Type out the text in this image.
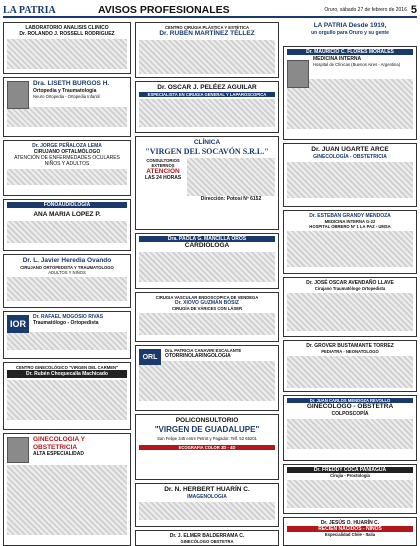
LA PATRIA	AVISOS PROFESIONALES	Oruro, sábado 27 de febrero de 2016 5
LABORATORIO ANALISIS CLINICO
Dr. ROLANDO J. ROSSELL RODRIGUEZ
Dra. LISETH BURGOS H.
Ortopedia y Traumatología
Neuro Ortopedia - Ortopedia Infantil
Dr. JORGE PEÑALOZA LEMA
CIRUJANO OFTALMÓLOGO
ATENCIÓN DE ENFERMEDADES OCULARES NIÑOS Y ADULTOS
FONOAUDIOLOGIA
ANA MARIA LOPEZ P.
Dr. L. Javier Heredia Ovando
CIRUJANO ORTOPEDISTA Y TRAUMATOLOGO
ADULTOS Y NIÑOS
IOR
Dr. RAFAEL MOGOSIO RIVAS
Traumatólogo - Ortopedista
CENTRO GINECOLÓGICO "VIRGEN DEL CARMEN"
Dr. Rubén Choquecalla Machicado
GINECOLOGIA Y OBSTETRICIA
ALTA ESPECIALIDAD
CENTRO CIRUGIA PLÁSTICA Y ESTÉTICA
Dr. RUBÉN MARTÍNEZ TÉLLEZ
Dr. OSCAR J. PELÉEZ AGUILAR
ESPECIALISTA EN CIRUGIA GENERAL Y LAPAROSCOPICA
CLÍNICA
"VIRGEN DEL SOCAVÓN S.R.L."
CONSULTORIOS EXTERNOS
ATENCIÓN
LAS 24 HORAS
Dirección: Potosí Nº 6152
Dra. PAOLA G. MANCILLA OROS
CARDIOLOGA
CIRUGIA VASCULAR ENDOSCOPICA DE VENDEGA
Dr. XIOVO GUZMÁN BÓSIZ
CIRUGÍA DE VÁRICES CON LÁSER
ORL
Dra. PATRICIA CANAVIRI ESCALANTE
OTORRINOLARINGOLOGIA
POLICONSULTORIO
"VIRGEN DE GUADALUPE"
San Felipe 345 entre Petrot y Pagador. Telf. 52 65201
ECOGRAFIA COLOR 3D - 4D
Dr. N. HERBERT HUARÍN C.
IMAGENOLOGIA
Dr. J. ELMER BALDERRAMA C.
GINECÓLOGO OBSTETRA
LA PATRIA Desde 1919,
un orgullo para Oruro y su gente
Dr. MAURICIO C. FLORES MORALES
MEDICINA INTERNA
Hospital de Clínicas (Buenos Aires - Argentina)
Dr. JUAN UGARTE ARCE
GINECOLOGÍA - OBSTETRICIA
Dr. ESTEBAN GRANDY MENDOZA
MEDICINA INTERNA G-22
HOSPITAL OBRERO Nº 1 LA PAZ - UMSA
Dr. JOSÉ OSCAR AVENDAÑO LLAVE
Cirujano Traumatólogo Ortopedista
Dr. GROVER BUSTAMANTE TORREZ
PEDIATRA - NEONATOLOGO
Dr. JUAN CARLOS MENDOZA REVOLLO
GINECÓLOGO - OBSTETRA
COLPOSCOPÍA
Dr. FREDDY COCA PANIAGUA
Cirujía - Proctología
Dr. JESÚS O. HUARÍN C.
RECIÉN NACIDOS - NIÑOS
Especialidad Chile - Italia
